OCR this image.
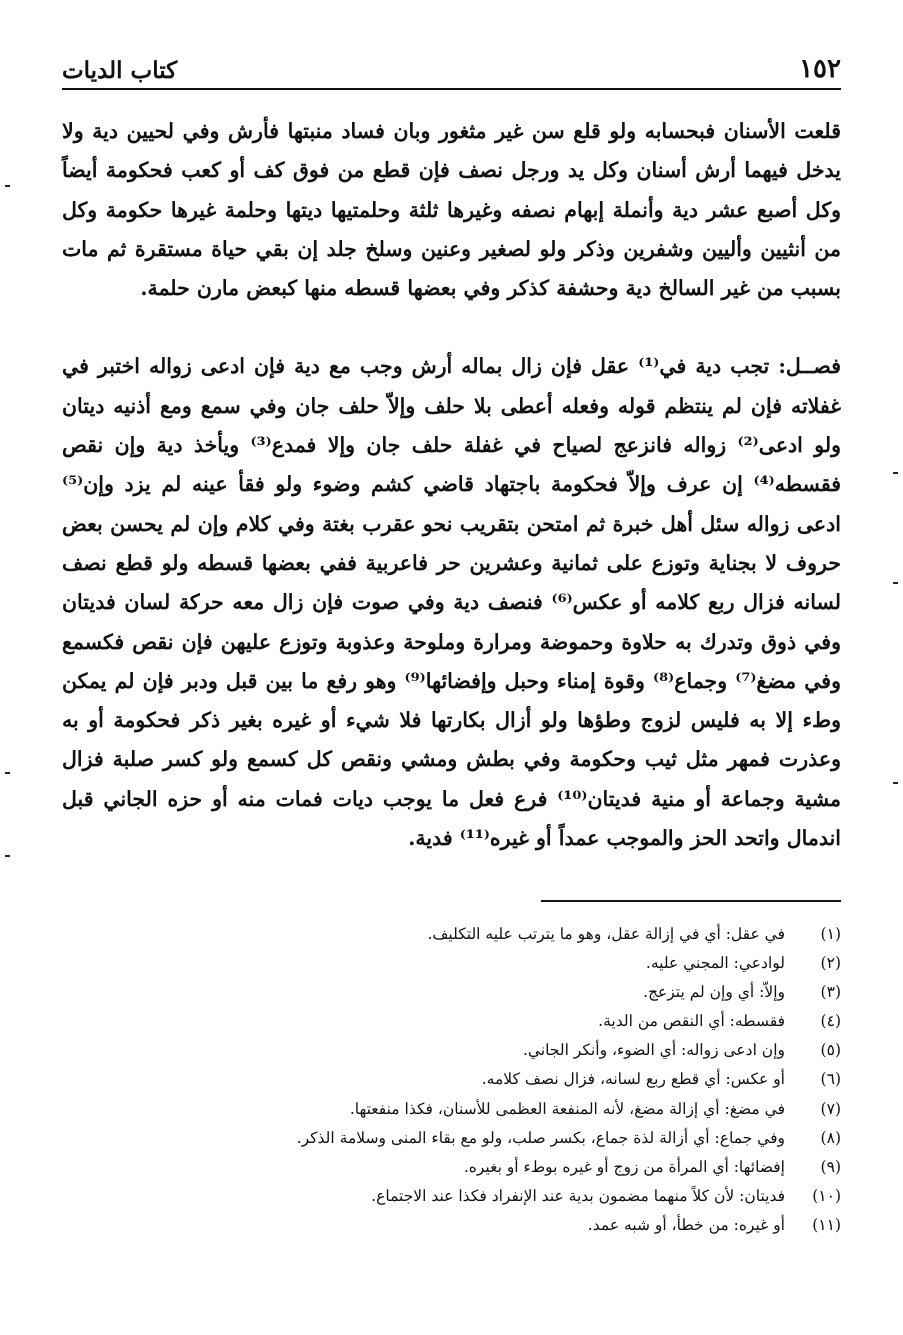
١٥٢
كتاب الديات

قلعت الأسنان فبحسابه ولو قلع سن غير مثغور وبان فساد منبتها فأرش وفي لحيين دية ولا يدخل فيهما أرش أسنان وكل يد ورجل نصف فإن قطع من فوق كف أو كعب فحكومة أيضاً وكل أصبع عشر دية وأنملة إبهام نصفه وغيرها ثلثة وحلمتيها ديتها وحلمة غيرها حكومة وكل من أنثيين وأليين وشفرين وذكر ولو لصغير وعنين وسلخ جلد إن بقي حياة مستقرة ثم مات بسبب من غير السالخ دية وحشفة كذكر وفي بعضها قسطه منها كبعض مارن حلمة.

فصــل: تجب دية في⁽¹⁾ عقل فإن زال بماله أرش وجب مع دية فإن ادعى زواله اختبر في غفلاته فإن لم ينتظم قوله وفعله أعطى بلا حلف وإلاّ حلف جان وفي سمع ومع أذنيه ديتان ولو ادعى⁽²⁾ زواله فانزعج لصياح في غفلة حلف جان وإلا فمدع⁽³⁾ ويأخذ دية وإن نقص فقسطه⁽⁴⁾ إن عرف وإلاّ فحكومة باجتهاد قاضي كشم وضوء ولو فقأ عينه لم يزد وإن⁽⁵⁾ ادعى زواله سئل أهل خبرة ثم امتحن بتقريب نحو عقرب بغتة وفي كلام وإن لم يحسن بعض حروف لا بجناية وتوزع على ثمانية وعشرين حر فاعربية ففي بعضها قسطه ولو قطع نصف لسانه فزال ربع كلامه أو عكس⁽⁶⁾ فنصف دية وفي صوت فإن زال معه حركة لسان فديتان وفي ذوق وتدرك به حلاوة وحموضة ومرارة وملوحة وعذوبة وتوزع عليهن فإن نقص فكسمع وفي مضغ⁽⁷⁾ وجماع⁽⁸⁾ وقوة إمناء وحبل وإفضائها⁽⁹⁾ وهو رفع ما بين قبل ودبر فإن لم يمكن وطء إلا به فليس لزوج وطؤها ولو أزال بكارتها فلا شيء أو غيره بغير ذكر فحكومة أو به وعذرت فمهر مثل ثيب وحكومة وفي بطش ومشي ونقص كل كسمع ولو كسر صلبة فزال مشية وجماعة أو منية فديتان⁽¹⁰⁾ فرع فعل ما يوجب ديات فمات منه أو حزه الجاني قبل اندمال واتحد الحز والموجب عمداً أو غيره⁽¹¹⁾ فدية.

(١)
في عقل: أي في إزالة عقل، وهو ما يترتب عليه التكليف.
(٢)
لوادعي: المجني عليه.
(٣)
وإلاّ: أي وإن لم يتزعج.
(٤)
فقسطه: أي النقص من الدية.
(٥)
وإن ادعى زواله: أي الضوء، وأنكر الجاني.
(٦)
أو عكس: أي قطع ربع لسانه، فزال نصف كلامه.
(٧)
في مضغ: أي إزالة مضغ، لأنه المنفعة العظمى للأسنان، فكذا منفعتها.
(٨)
وفي جماع: أي أزالة لذة جماع، بكسر صلب، ولو مع بقاء المنى وسلامة الذكر.
(٩)
إفضائها: أي المرأة من زوج أو غيره بوطء أو بغيره.
(١٠)
فديتان: لأن كلاً منهما مضمون بدية عند الإنفراد فكذا عند الاجتماع.
(١١)
أو غيره: من خطأ، أو شبه عمد.
